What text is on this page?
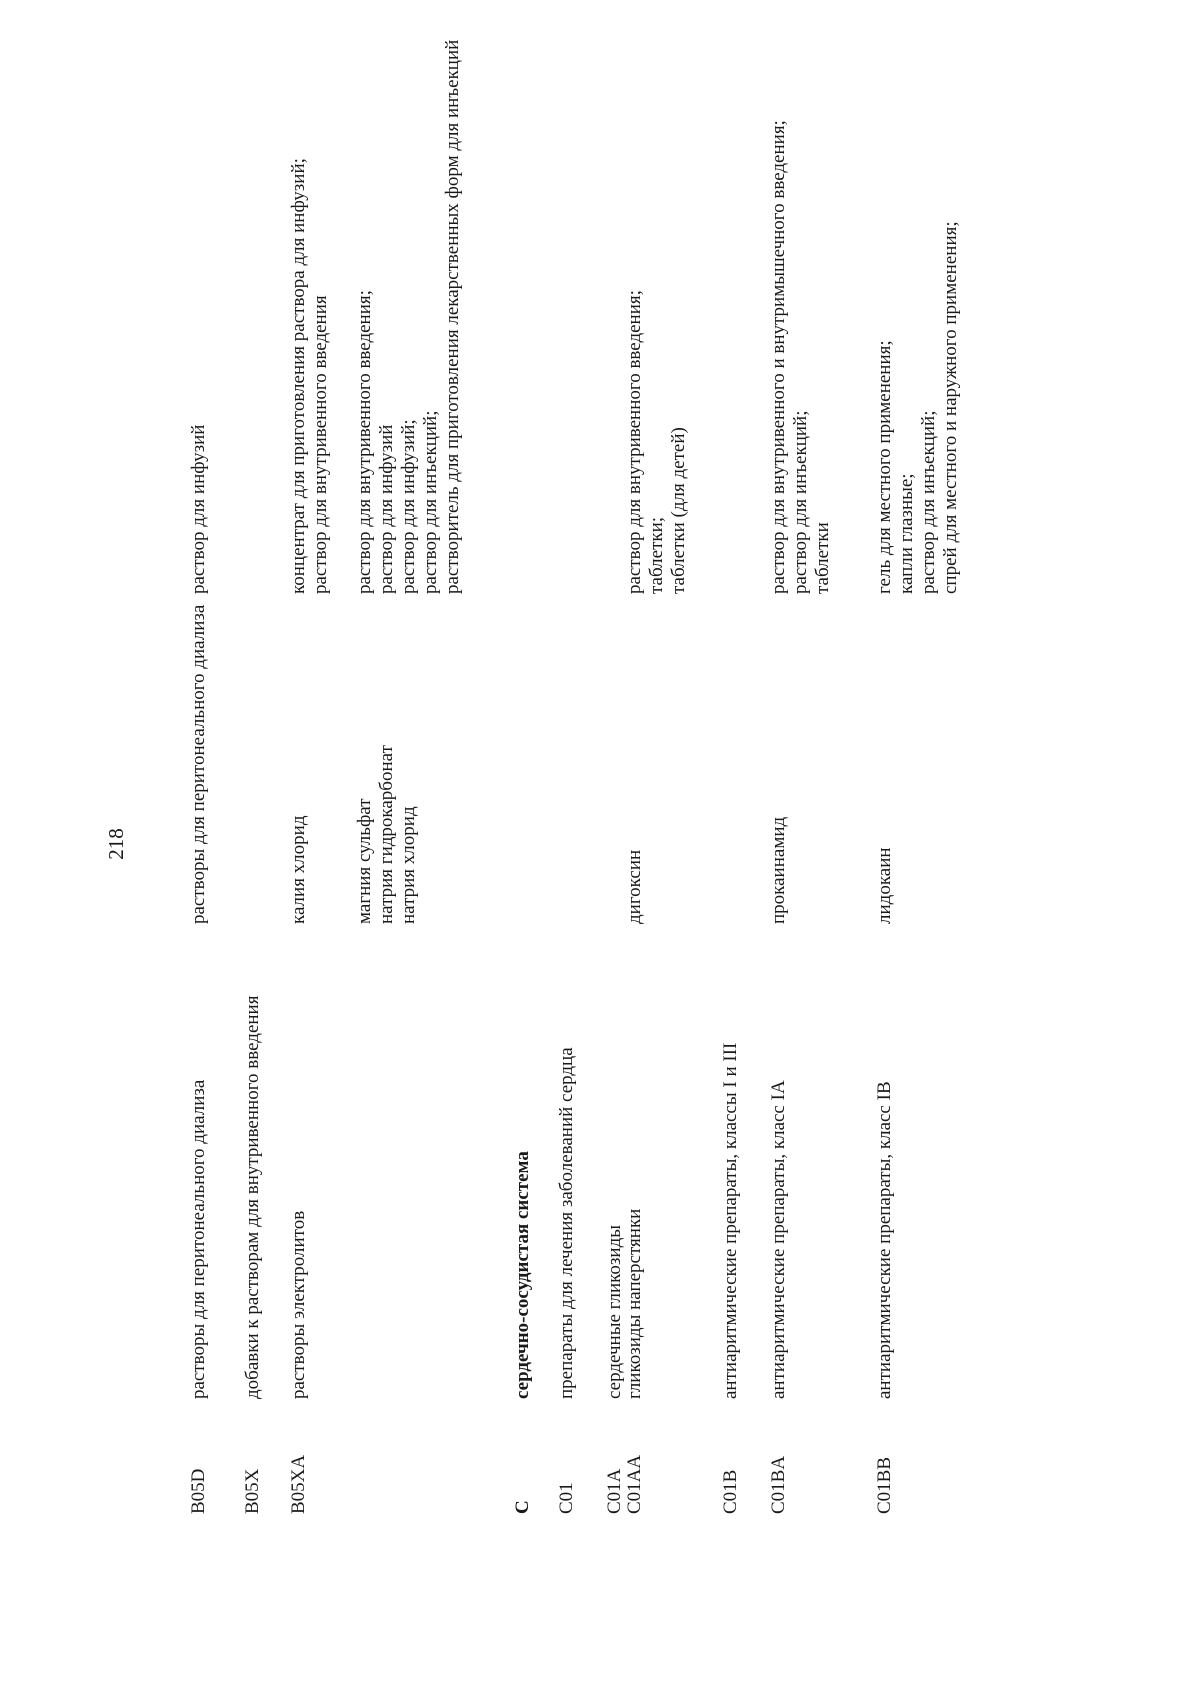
218
B05D
растворы для перитонеального диализа
растворы для перитонеального диализа
раствор для инфузий
B05X
добавки к растворам для внутривенного введения
B05XA
растворы электролитов
калия хлорид
концентрат для приготовления раствора для инфузий; раствор для внутривенного введения
магния сульфат натрия гидрокарбонат натрия хлорид
раствор для внутривенного введения; раствор для инфузий раствор для инфузий; раствор для инъекций; растворитель для приготовления лекарственных форм для инъекций
C
сердечно-сосудистая система
C01
препараты для лечения заболеваний сердца
C01A
сердечные гликозиды
C01AA
гликозиды наперстянки
дигоксин
раствор для внутривенного введения; таблетки; таблетки (для детей)
C01B
антиаритмические препараты, классы I и III
C01BA
антиаритмические препараты, класс IA
прокаинамид
раствор для внутривенного и внутримышечного введения; раствор для инъекций; таблетки
C01BB
антиаритмические препараты, класс IB
лидокаин
гель для местного применения; капли глазные; раствор для инъекций; спрей для местного и наружного применения;
